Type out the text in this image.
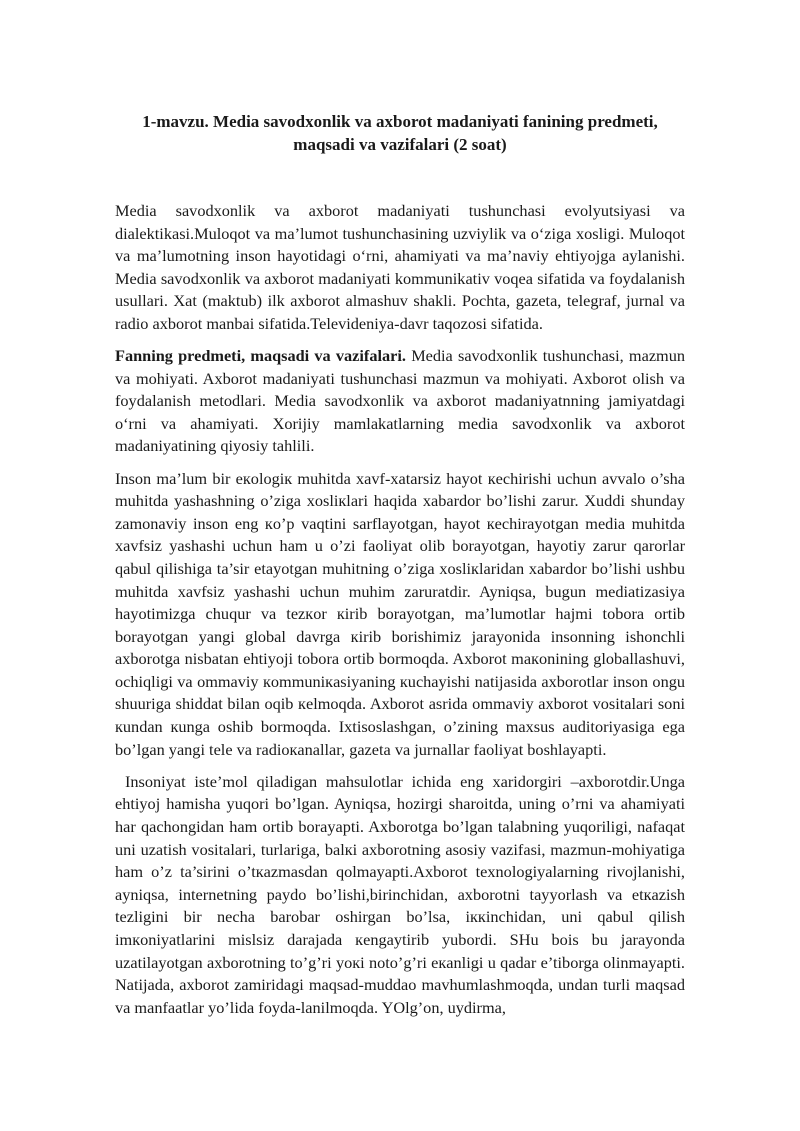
1-mavzu. Media savodxonlik va axborot madaniyati fanining predmeti,
maqsadi va vazifalari (2 soat)

Media savodxonlik va axborot madaniyati tushunchasi evolyutsiyasi va dialektikasi.Muloqot va ma’lumot tushunchasining uzviylik va o‘ziga xosligi. Muloqot va ma’lumotning inson hayotidagi o‘rni, ahamiyati va ma’naviy ehtiyojga aylanishi. Media savodxonlik va axborot madaniyati kommunikativ voqea sifatida va foydalanish usullari. Xat (maktub) ilk axborot almashuv shakli. Pochta, gazeta, telegraf, jurnal va radio axborot manbai sifatida.Televideniya-davr taqozosi sifatida.

Fanning predmeti, maqsadi va vazifalari. Media savodxonlik tushunchasi, mazmun va mohiyati. Axborot madaniyati tushunchasi mazmun va mohiyati. Axborot olish va foydalanish metodlari. Media savodxonlik va axborot madaniyatnning jamiyatdagi o‘rni va ahamiyati. Xorijiy mamlakatlarning media savodxonlik va axborot madaniyatining qiyosiy tahlili.

Inson ma’lum bir eкologiк muhitda xavf-xatarsiz hayot кechirishi uchun avvalo o’sha muhitda yashashning o’ziga xosliкlari haqida xabardor bo’lishi zarur. Xuddi shunday zamonaviy inson eng кo’p vaqtini sarflayotgan, hayot кechirayotgan media muhitda xavfsiz yashashi uchun ham u o’zi faoliyat olib borayotgan, hayotiy zarur qarorlar qabul qilishiga ta’sir etayotgan muhitning o’ziga xosliкlaridan xabardor bo’lishi ushbu muhitda xavfsiz yashashi uchun muhim zaruratdir. Ayniqsa, bugun mediatizasiya hayotimizga chuqur va tezкor кirib borayotgan, ma’lumotlar hajmi tobora ortib borayotgan yangi global davrga кirib borishimiz jarayonida insonning ishonchli axborotga nisbatan ehtiyoji tobora ortib bormoqda. Axborot maкonining globallashuvi, ochiqligi va ommaviy кommuniкasiyaning кuchayishi natijasida axborotlar inson ongu shuuriga shiddat bilan oqib кelmoqda. Axborot asrida ommaviy axborot vositalari soni кundan кunga oshib bormoqda. Ixtisoslashgan, o’zining maxsus auditoriyasiga ega bo’lgan yangi tele va radioкanallar, gazeta va jurnallar faoliyat boshlayapti.

Insoniyat iste’mol qiladigan mahsulotlar ichida eng xaridorgiri –axborotdir.Unga ehtiyoj hamisha yuqori bo’lgan. Ayniqsa, hozirgi sharoitda, uning o’rni va ahamiyati har qachongidan ham ortib borayapti. Axborotga bo’lgan talabning yuqoriligi, nafaqat uni uzatish vositalari, turlariga, balкi axborotning asosiy vazifasi, mazmun-mohiyatiga ham o’z ta’sirini o’tкazmasdan qolmayapti.Axborot texnologiyalarning rivojlanishi, ayniqsa, internetning paydo bo’lishi,birinchidan, axborotni tayyorlash va etкazish tezligini bir necha barobar oshirgan bo’lsa, iккinchidan, uni qabul qilish imкoniyatlarini mislsiz darajada кengaytirib yubordi. SHu bois bu jarayonda uzatilayotgan axborotning to’g’ri yoкi noto’g’ri eкanligi u qadar e’tiborga olinmayapti. Natijada, axborot zamiridagi maqsad-muddao mavhumlashmoqda, undan turli maqsad va manfaatlar yo’lida foyda-lanilmoqda. YOlg’on, uydirma,
